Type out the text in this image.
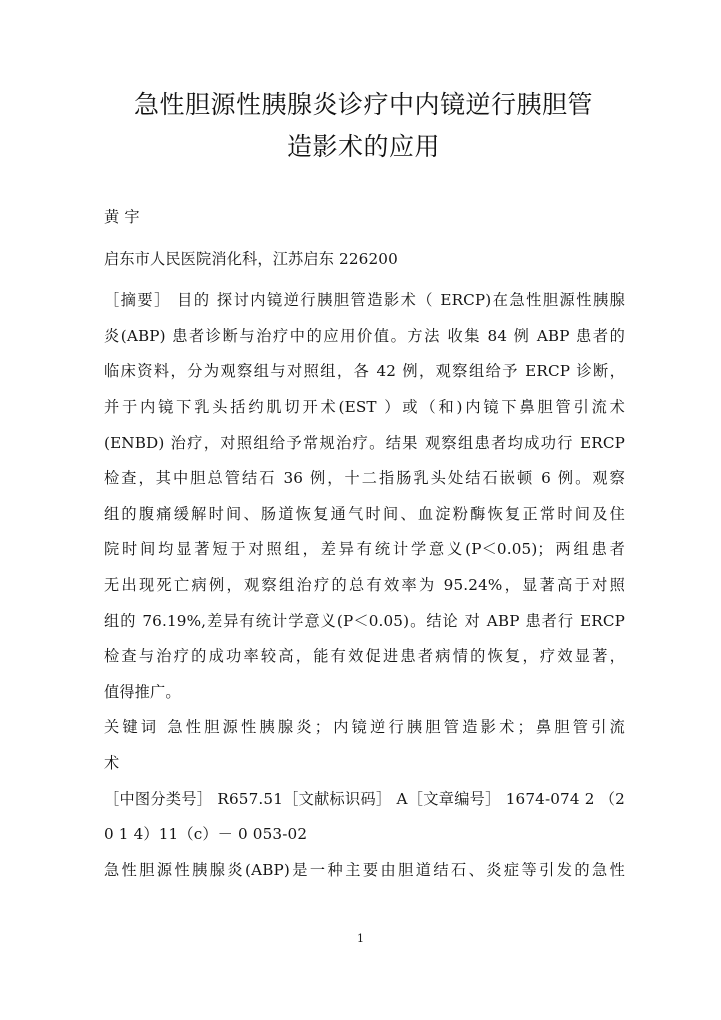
急性胆源性胰腺炎诊疗中内镜逆行胰胆管
造影术的应用
黄 宇
启东市人民医院消化科，江苏启东 226200
［摘要］ 目的 探讨内镜逆行胰胆管造影术（ ERCP)在急性胆源性胰腺
炎(ABP) 患者诊断与治疗中的应用价值。方法 收集 84 例 ABP 患者的
临床资料，分为观察组与对照组，各 42 例，观察组给予 ERCP 诊断，
并于内镜下乳头括约肌切开术(EST ）或（和)内镜下鼻胆管引流术
(ENBD) 治疗，对照组给予常规治疗。结果 观察组患者均成功行 ERCP
检查，其中胆总管结石 36 例，十二指肠乳头处结石嵌顿 6 例。观察
组的腹痛缓解时间、肠道恢复通气时间、血淀粉酶恢复正常时间及住
院时间均显著短于对照组，差异有统计学意义(P＜0.05)；两组患者
无出现死亡病例，观察组治疗的总有效率为 95.24%，显著高于对照
组的 76.19%,差异有统计学意义(P＜0.05)。结论 对 ABP 患者行 ERCP
检查与治疗的成功率较高，能有效促进患者病情的恢复，疗效显著，
值得推广。
关键词 急性胆源性胰腺炎；内镜逆行胰胆管造影术；鼻胆管引流
术
［中图分类号］ R657.51［文献标识码］ A［文章编号］ 1674-074 2 （2
0 1 4）11（c）－ 0 053-02
急性胆源性胰腺炎(ABP)是一种主要由胆道结石、炎症等引发的急性
1
